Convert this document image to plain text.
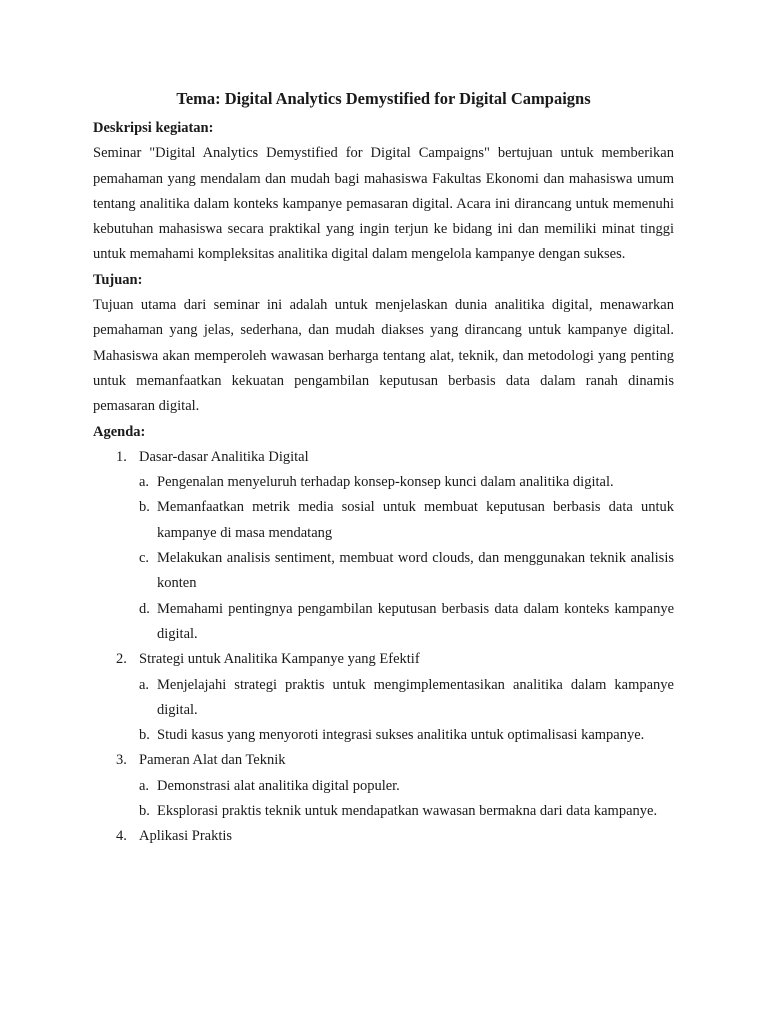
Tema: Digital Analytics Demystified for Digital Campaigns

Deskripsi kegiatan:

Seminar "Digital Analytics Demystified for Digital Campaigns" bertujuan untuk memberikan pemahaman yang mendalam dan mudah bagi mahasiswa Fakultas Ekonomi dan mahasiswa umum tentang analitika dalam konteks kampanye pemasaran digital. Acara ini dirancang untuk memenuhi kebutuhan mahasiswa secara praktikal yang ingin terjun ke bidang ini dan memiliki minat tinggi untuk memahami kompleksitas analitika digital dalam mengelola kampanye dengan sukses.

Tujuan:

Tujuan utama dari seminar ini adalah untuk menjelaskan dunia analitika digital, menawarkan pemahaman yang jelas, sederhana, dan mudah diakses yang dirancang untuk kampanye digital. Mahasiswa akan memperoleh wawasan berharga tentang alat, teknik, dan metodologi yang penting untuk memanfaatkan kekuatan pengambilan keputusan berbasis data dalam ranah dinamis pemasaran digital.

Agenda:

1. Dasar-dasar Analitika Digital
a. Pengenalan menyeluruh terhadap konsep-konsep kunci dalam analitika digital.
b. Memanfaatkan metrik media sosial untuk membuat keputusan berbasis data untuk kampanye di masa mendatang
c. Melakukan analisis sentiment, membuat word clouds, dan menggunakan teknik analisis konten
d. Memahami pentingnya pengambilan keputusan berbasis data dalam konteks kampanye digital.
2. Strategi untuk Analitika Kampanye yang Efektif
a. Menjelajahi strategi praktis untuk mengimplementasikan analitika dalam kampanye digital.
b. Studi kasus yang menyoroti integrasi sukses analitika untuk optimalisasi kampanye.
3. Pameran Alat dan Teknik
a. Demonstrasi alat analitika digital populer.
b. Eksplorasi praktis teknik untuk mendapatkan wawasan bermakna dari data kampanye.
4. Aplikasi Praktis
